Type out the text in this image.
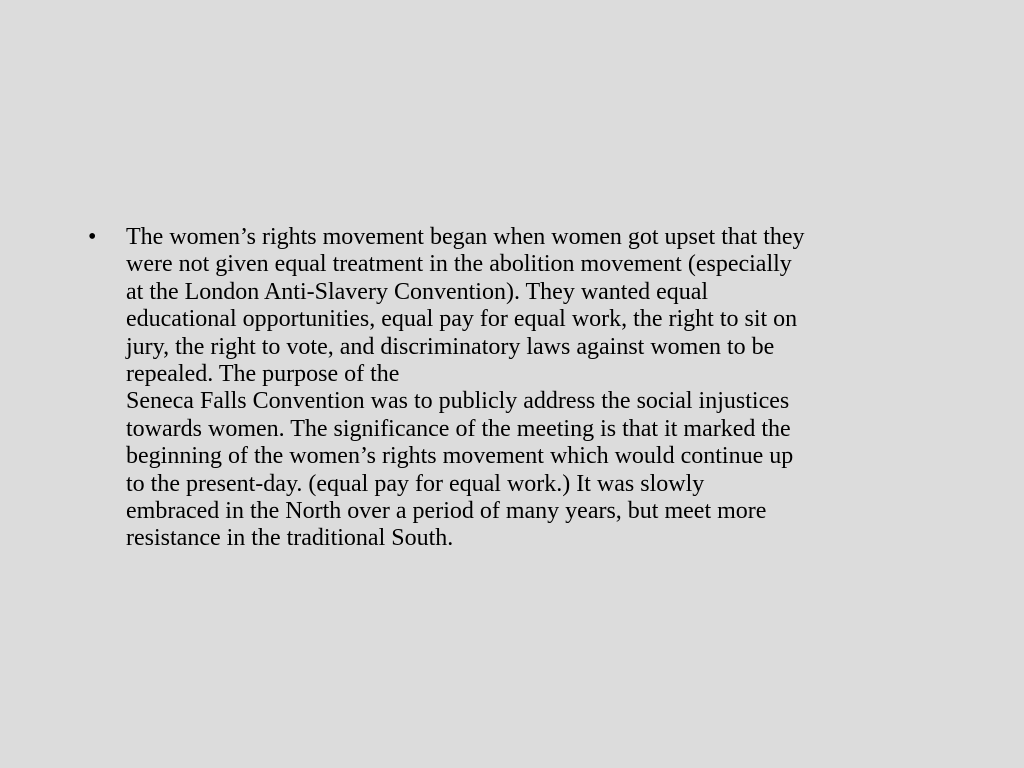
• The women’s rights movement began when women got upset that they
were not given equal treatment in the abolition movement (especially
at the London Anti-Slavery Convention). They wanted equal
educational opportunities, equal pay for equal work, the right to sit on
jury, the right to vote, and discriminatory laws against women to be
repealed. The purpose of the
Seneca Falls Convention was to publicly address the social injustices
towards women. The significance of the meeting is that it marked the
beginning of the women’s rights movement which would continue up
to the present-day. (equal pay for equal work.) It was slowly
embraced in the North over a period of many years, but meet more
resistance in the traditional South.
